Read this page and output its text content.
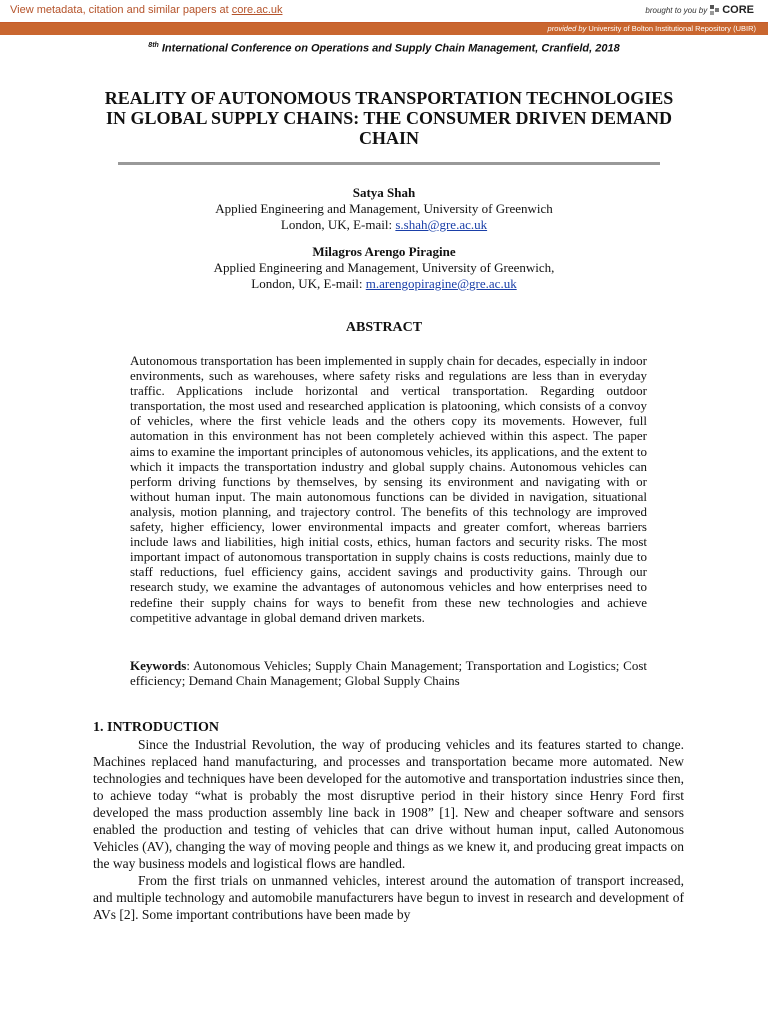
View metadata, citation and similar papers at core.ac.uk	brought to you by CORE
provided by University of Bolton Institutional Repository (UBIR)
$^{8th}$ International Conference on Operations and Supply Chain Management, Cranfield, 2018
REALITY OF AUTONOMOUS TRANSPORTATION TECHNOLOGIES IN GLOBAL SUPPLY CHAINS: THE CONSUMER DRIVEN DEMAND CHAIN
Satya Shah
Applied Engineering and Management, University of Greenwich
London, UK, E-mail: s.shah@gre.ac.uk
Milagros Arengo Piragine
Applied Engineering and Management, University of Greenwich,
London, UK, E-mail: m.arengopiragine@gre.ac.uk
ABSTRACT
Autonomous transportation has been implemented in supply chain for decades, especially in indoor environments, such as warehouses, where safety risks and regulations are less than in everyday traffic. Applications include horizontal and vertical transportation. Regarding outdoor transportation, the most used and researched application is platooning, which consists of a convoy of vehicles, where the first vehicle leads and the others copy its movements. However, full automation in this environment has not been completely achieved within this aspect. The paper aims to examine the important principles of autonomous vehicles, its applications, and the extent to which it impacts the transportation industry and global supply chains. Autonomous vehicles can perform driving functions by themselves, by sensing its environment and navigating with or without human input. The main autonomous functions can be divided in navigation, situational analysis, motion planning, and trajectory control. The benefits of this technology are improved safety, higher efficiency, lower environmental impacts and greater comfort, whereas barriers include laws and liabilities, high initial costs, ethics, human factors and security risks. The most important impact of autonomous transportation in supply chains is costs reductions, mainly due to staff reductions, fuel efficiency gains, accident savings and productivity gains. Through our research study, we examine the advantages of autonomous vehicles and how enterprises need to redefine their supply chains for ways to benefit from these new technologies and achieve competitive advantage in global demand driven markets.
Keywords: Autonomous Vehicles; Supply Chain Management; Transportation and Logistics; Cost efficiency; Demand Chain Management; Global Supply Chains
1. INTRODUCTION

Since the Industrial Revolution, the way of producing vehicles and its features started to change. Machines replaced hand manufacturing, and processes and transportation became more automated. New technologies and techniques have been developed for the automotive and transportation industries since then, to achieve today “what is probably the most disruptive period in their history since Henry Ford first developed the mass production assembly line back in 1908” [1]. New and cheaper software and sensors enabled the production and testing of vehicles that can drive without human input, called Autonomous Vehicles (AV), changing the way of moving people and things as we knew it, and producing great impacts on the way business models and logistical flows are handled.

From the first trials on unmanned vehicles, interest around the automation of transport increased, and multiple technology and automobile manufacturers have begun to invest in research and development of AVs [2]. Some important contributions have been made by
